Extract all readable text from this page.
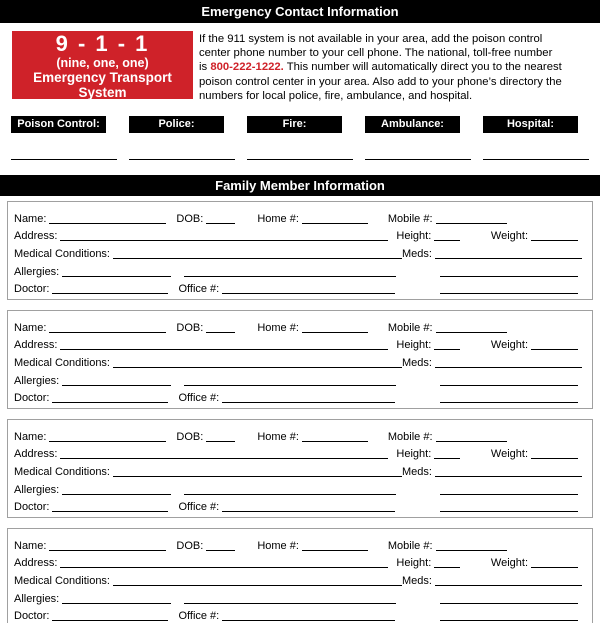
Emergency Contact Information
9 - 1 - 1
(nine, one, one)
Emergency Transport System
If the 911 system is not available in your area, add the poison control
center phone number to your cell phone. The national, toll-free number
is 800-222-1222. This number will automatically direct you to the nearest
poison control center in your area. Also add to your phone’s directory the
numbers for local police, fire, ambulance, and hospital.
Poison Control:	Police:	Fire:	Ambulance:	Hospital:
Family Member Information
Name:	DOB:	Home #:	Mobile #:
Address:	Height:	Weight:
Medical Conditions:	Meds:
Allergies:
Doctor:	Office #:
Name:	DOB:	Home #:	Mobile #:
Address:	Height:	Weight:
Medical Conditions:	Meds:
Allergies:
Doctor:	Office #:
Name:	DOB:	Home #:	Mobile #:
Address:	Height:	Weight:
Medical Conditions:	Meds:
Allergies:
Doctor:	Office #:
Name:	DOB:	Home #:	Mobile #:
Address:	Height:	Weight:
Medical Conditions:	Meds:
Allergies:
Doctor:	Office #:
